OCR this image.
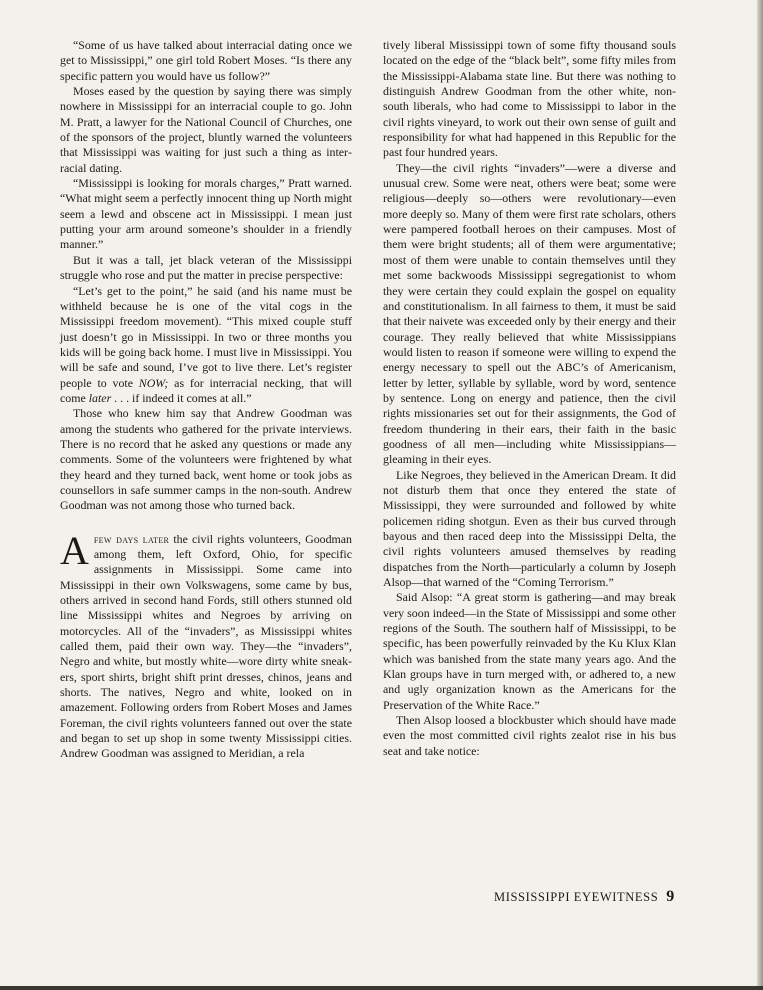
“Some of us have talked about interracial dating once we get to Mississippi,” one girl told Robert Moses. “Is there any specific pattern you would have us follow?”

Moses eased by the question by saying there was simply nowhere in Mississippi for an interracial couple to go. John M. Pratt, a lawyer for the National Council of Churches, one of the sponsors of the project, bluntly warned the volunteers that Mississippi was waiting for just such a thing as interracial dating.

“Mississippi is looking for morals charges,” Pratt warned. “What might seem a perfectly innocent thing up North might seem a lewd and obscene act in Mississippi. I mean just putting your arm around someone’s shoulder in a friendly manner.”

But it was a tall, jet black veteran of the Mississippi struggle who rose and put the matter in precise perspective:

“Let’s get to the point,” he said (and his name must be withheld because he is one of the vital cogs in the Mississippi freedom movement). “This mixed couple stuff just doesn’t go in Mississippi. In two or three months you kids will be going back home. I must live in Mississippi. You will be safe and sound, I’ve got to live there. Let’s register people to vote NOW; as for interracial necking, that will come later . . . if indeed it comes at all.”

Those who knew him say that Andrew Goodman was among the students who gathered for the private interviews. There is no record that he asked any questions or made any comments. Some of the volunteers were frightened by what they heard and they turned back, went home or took jobs as counsellors in safe summer camps in the non-south. Andrew Goodman was not among those who turned back.

Afew days later the civil rights volunteers, Goodman among them, left Oxford, Ohio, for specific assignments in Mississippi. Some came into Mississippi in their own Volkswagens, some came by bus, others arrived in second hand Fords, still others stunned old line Mississippi whites and Negroes by arriving on motorcycles. All of the “invaders”, as Mississippi whites called them, paid their own way. They—the “invaders”, Negro and white, but mostly white—wore dirty white sneakers, sport shirts, bright shift print dresses, chinos, jeans and shorts. The natives, Negro and white, looked on in amazement. Following orders from Robert Moses and James Foreman, the civil rights volunteers fanned out over the state and began to set up shop in some twenty Mississippi cities. Andrew Goodman was assigned to Meridian, a rela

tively liberal Mississippi town of some fifty thousand souls located on the edge of the “black belt”, some fifty miles from the Mississippi-Alabama state line. But there was nothing to distinguish Andrew Goodman from the other white, non-south liberals, who had come to Mississippi to labor in the civil rights vineyard, to work out their own sense of guilt and responsibility for what had happened in this Republic for the past four hundred years.

They—the civil rights “invaders”—were a diverse and unusual crew. Some were neat, others were beat; some were religious—deeply so—others were revolutionary—even more deeply so. Many of them were first rate scholars, others were pampered football heroes on their campuses. Most of them were bright students; all of them were argumentative; most of them were unable to contain themselves until they met some backwoods Mississippi segregationist to whom they were certain they could explain the gospel on equality and constitutionalism. In all fairness to them, it must be said that their naivete was exceeded only by their energy and their courage. They really believed that white Mississippians would listen to reason if someone were willing to expend the energy necessary to spell out the ABC’s of Americanism, letter by letter, syllable by syllable, word by word, sentence by sentence. Long on energy and patience, then the civil rights missionaries set out for their assignments, the God of freedom thundering in their ears, their faith in the basic goodness of all men—including white Mississippians—gleaming in their eyes.

Like Negroes, they believed in the American Dream. It did not disturb them that once they entered the state of Mississippi, they were surrounded and followed by white policemen riding shotgun. Even as their bus curved through bayous and then raced deep into the Mississippi Delta, the civil rights volunteers amused themselves by reading dispatches from the North—particularly a column by Joseph Alsop—that warned of the “Coming Terrorism.”

Said Alsop: “A great storm is gathering—and may break very soon indeed—in the State of Mississippi and some other regions of the South. The southern half of Mississippi, to be specific, has been powerfully reinvaded by the Ku Klux Klan which was banished from the state many years ago. And the Klan groups have in turn merged with, or adhered to, a new and ugly organization known as the Americans for the Preservation of the White Race.”

Then Alsop loosed a blockbuster which should have made even the most committed civil rights zealot rise in his bus seat and take notice:

MISSISSIPPI EYEWITNESS 9
